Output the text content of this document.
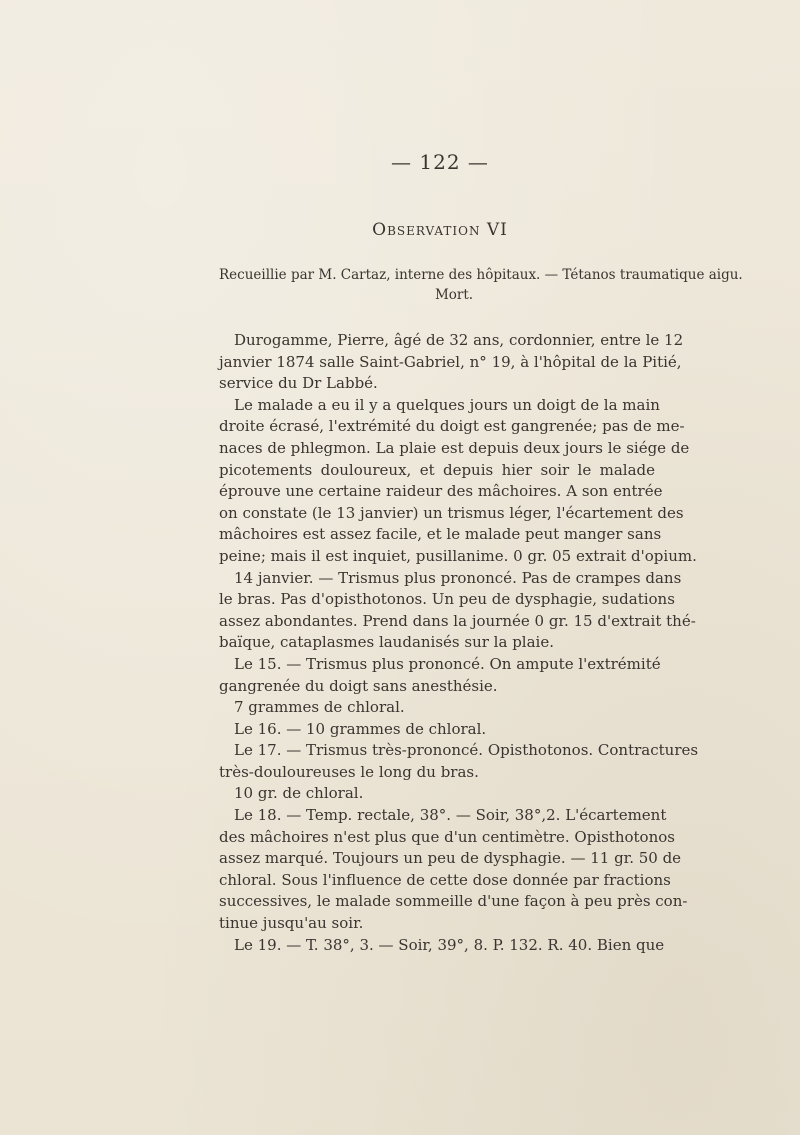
— 122 —
Observation VI
Recueillie par M. Cartaz, interne des hôpitaux. — Tétanos traumatique aigu.
Mort.
Durogamme, Pierre, âgé de 32 ans, cordonnier, entre le 12
janvier 1874 salle Saint-Gabriel, n° 19, à l'hôpital de la Pitié,
service du Dr Labbé.
Le malade a eu il y a quelques jours un doigt de la main
droite écrasé, l'extrémité du doigt est gangrenée; pas de me-
naces de phlegmon. La plaie est depuis deux jours le siége de
picotements douloureux, et depuis hier soir le malade
éprouve une certaine raideur des mâchoires. A son entrée
on constate (le 13 janvier) un trismus léger, l'écartement des
mâchoires est assez facile, et le malade peut manger sans
peine; mais il est inquiet, pusillanime. 0 gr. 05 extrait d'opium.
14 janvier. — Trismus plus prononcé. Pas de crampes dans
le bras. Pas d'opisthotonos. Un peu de dysphagie, sudations
assez abondantes. Prend dans la journée 0 gr. 15 d'extrait thé-
baïque, cataplasmes laudanisés sur la plaie.
Le 15. — Trismus plus prononcé. On ampute l'extrémité
gangrenée du doigt sans anesthésie.
7 grammes de chloral.
Le 16. — 10 grammes de chloral.
Le 17. — Trismus très-prononcé. Opisthotonos. Contractures
très-douloureuses le long du bras.
10 gr. de chloral.
Le 18. — Temp. rectale, 38°. — Soir, 38°,2. L'écartement
des mâchoires n'est plus que d'un centimètre. Opisthotonos
assez marqué. Toujours un peu de dysphagie. — 11 gr. 50 de
chloral. Sous l'influence de cette dose donnée par fractions
successives, le malade sommeille d'une façon à peu près con-
tinue jusqu'au soir.
Le 19. — T. 38°, 3. — Soir, 39°, 8. P. 132. R. 40. Bien que
